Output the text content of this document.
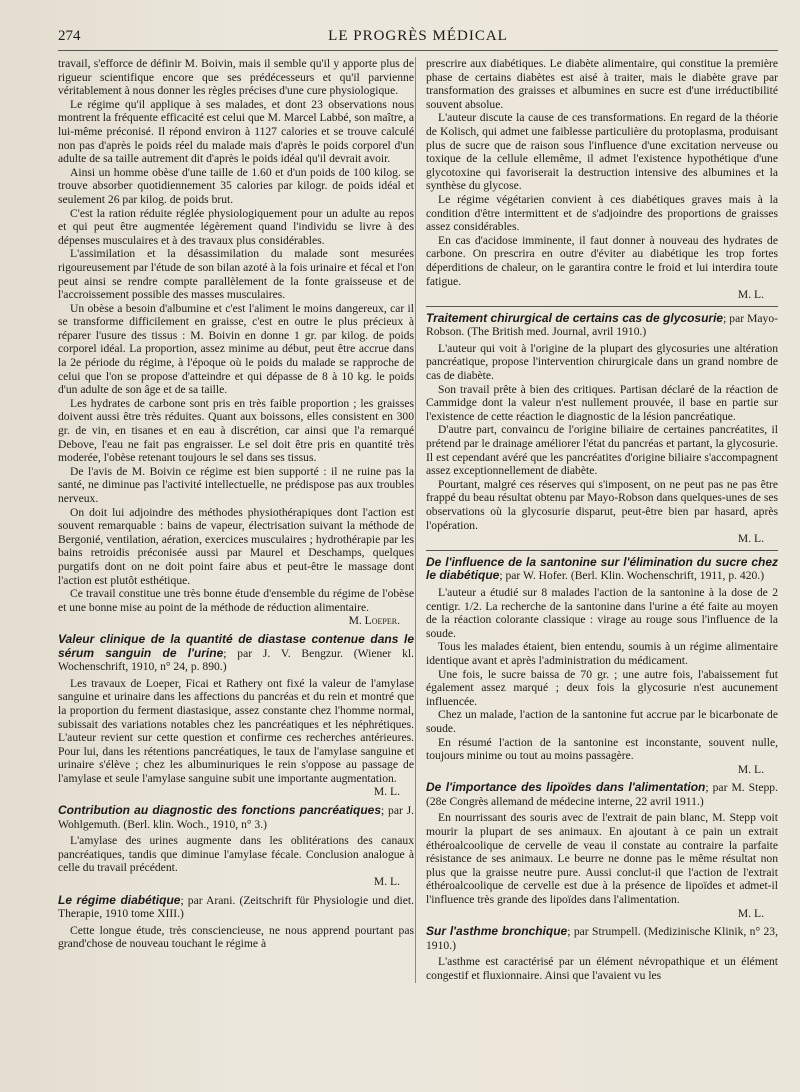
274	LE PROGRÈS MÉDICAL

travail, s'efforce de définir M. Boivin, mais il semble qu'il y apporte plus de rigueur scientifique encore que ses prédécesseurs et qu'il parvienne véritablement à nous donner les règles précises d'une cure physiologique.

Le régime qu'il applique à ses malades, et dont 23 observations nous montrent la fréquente efficacité est celui que M. Marcel Labbé, son maître, a lui-même préconisé. Il répond environ à 1127 calories et se trouve calculé non pas d'après le poids réel du malade mais d'après le poids corporel d'un adulte de sa taille autrement dit d'après le poids idéal qu'il devrait avoir.

Ainsi un homme obèse d'une taille de 1.60 et d'un poids de 100 kilog. se trouve absorber quotidiennement 35 calories par kilogr. de poids idéal et seulement 26 par kilog. de poids brut.

C'est la ration réduite réglée physiologiquement pour un adulte au repos et qui peut être augmentée légèrement quand l'individu se livre à des dépenses musculaires et à des travaux plus considérables.

L'assimilation et la désassimilation du malade sont mesurées rigoureusement par l'étude de son bilan azoté à la fois urinaire et fécal et l'on peut ainsi se rendre compte parallèlement de la fonte graisseuse et de l'accroissement possible des masses musculaires.

Un obèse a besoin d'albumine et c'est l'aliment le moins dangereux, car il se transforme difficilement en graisse, c'est en outre le plus précieux à réparer l'usure des tissus : M. Boivin en donne 1 gr. par kilog. de poids corporel idéal. La proportion, assez minime au début, peut être accrue dans la 2e période du régime, à l'époque où le poids du malade se rapproche de celui que l'on se propose d'atteindre et qui dépasse de 8 à 10 kg. le poids d'un adulte de son âge et de sa taille.

Les hydrates de carbone sont pris en très faible proportion ; les graisses doivent aussi être très réduites. Quant aux boissons, elles consistent en 300 gr. de vin, en tisanes et en eau à discrétion, car ainsi que l'a remarqué Debove, l'eau ne fait pas engraisser. Le sel doit être pris en quantité très moderée, l'obèse retenant toujours le sel dans ses tissus.

De l'avis de M. Boivin ce régime est bien supporté : il ne ruine pas la santé, ne diminue pas l'activité intellectuelle, ne prédispose pas aux troubles nerveux.

On doit lui adjoindre des méthodes physiothérapiques dont l'action est souvent remarquable : bains de vapeur, électrisation suivant la méthode de Bergonié, ventilation, aération, exercices musculaires ; hydrothérapie par les bains retroidis préconisée aussi par Maurel et Deschamps, quelques purgatifs dont on ne doit point faire abus et peut-être le massage dont l'action est plutôt esthétique.

Ce travail constitue une très bonne étude d'ensemble du régime de l'obèse et une bonne mise au point de la méthode de réduction alimentaire.

M. Loeper.

Valeur clinique de la quantité de diastase contenue dans le sérum sanguin de l'urine; par J. V. Bengzur. (Wiener kl. Wochenschrift, 1910, n° 24, p. 890.)

Les travaux de Loeper, Ficai et Rathery ont fixé la valeur de l'amylase sanguine et urinaire dans les affections du pancréas et du rein et montré que la proportion du ferment diastasique, assez constante chez l'homme normal, subissait des variations notables chez les pancréatiques et les néphrétiques. L'auteur revient sur cette question et confirme ces recherches antérieures. Pour lui, dans les rétentions pancréatiques, le taux de l'amylase sanguine et urinaire s'élève ; chez les albuminuriques le rein s'oppose au passage de l'amylase et seule l'amylase sanguine subit une importante augmentation.

M. L.

Contribution au diagnostic des fonctions pancréatiques; par J. Wohlgemuth. (Berl. klin. Woch., 1910, n° 3.)

L'amylase des urines augmente dans les oblitérations des canaux pancréatiques, tandis que diminue l'amylase fécale. Conclusion analogue à celle du travail précédent.

M. L.

Le régime diabétique; par Arani. (Zeitschrift für Physiologie und diet. Therapie, 1910 tome XIII.)

Cette longue étude, très consciencieuse, ne nous apprend pourtant pas grand'chose de nouveau touchant le régime à

prescrire aux diabétiques. Le diabète alimentaire, qui constitue la première phase de certains diabètes est aisé à traiter, mais le diabète grave par transformation des graisses et albumines en sucre est d'une irréductibilité souvent absolue.

L'auteur discute la cause de ces transformations. En regard de la théorie de Kolisch, qui admet une faiblesse particulière du protoplasma, produisant plus de sucre que de raison sous l'influence d'une excitation nerveuse ou toxique de la cellule ellemême, il admet l'existence hypothétique d'une glycotoxine qui favoriserait la destruction intensive des albumines et la synthèse du glycose.

Le régime végétarien convient à ces diabétiques graves mais à la condition d'être intermittent et de s'adjoindre des proportions de graisses assez considérables.

En cas d'acidose imminente, il faut donner à nouveau des hydrates de carbone. On prescrira en outre d'éviter au diabétique les trop fortes déperditions de chaleur, on le garantira contre le froid et lui interdira toute fatigue.

M. L.

Traitement chirurgical de certains cas de glycosurie; par Mayo-Robson. (The British med. Journal, avril 1910.)

L'auteur qui voit à l'origine de la plupart des glycosuries une altération pancréatique, propose l'intervention chirurgicale dans un grand nombre de cas de diabète.

Son travail prête à bien des critiques. Partisan déclaré de la réaction de Cammidge dont la valeur n'est nullement prouvée, il base en partie sur l'existence de cette réaction le diagnostic de la lésion pancréatique.

D'autre part, convaincu de l'origine biliaire de certaines pancréatites, il prétend par le drainage améliorer l'état du pancréas et partant, la glycosurie. Il est cependant avéré que les pancréatites d'origine biliaire s'accompagnent assez exceptionnellement de diabète.

Pourtant, malgré ces réserves qui s'imposent, on ne peut pas ne pas être frappé du beau résultat obtenu par Mayo-Robson dans quelques-unes de ses observations où la glycosurie disparut, peut-être bien par hasard, après l'opération.

M. L.

De l'influence de la santonine sur l'élimination du sucre chez le diabétique; par W. Hofer. (Berl. Klin. Wochenschrift, 1911, p. 420.)

L'auteur a étudié sur 8 malades l'action de la santonine à la dose de 2 centigr. 1/2. La recherche de la santonine dans l'urine a été faite au moyen de la réaction colorante classique : virage au rouge sous l'influence de la soude.

Tous les malades étaient, bien entendu, soumis à un régime alimentaire identique avant et après l'administration du médicament.

Une fois, le sucre baissa de 70 gr. ; une autre fois, l'abaissement fut également assez marqué ; deux fois la glycosurie n'est aucunement influencée.

Chez un malade, l'action de la santonine fut accrue par le bicarbonate de soude.

En résumé l'action de la santonine est inconstante, souvent nulle, toujours minime ou tout au moins passagère.

M. L.

De l'importance des lipoïdes dans l'alimentation; par M. Stepp. (28e Congrès allemand de médecine interne, 22 avril 1911.)

En nourrissant des souris avec de l'extrait de pain blanc, M. Stepp voit mourir la plupart de ses animaux. En ajoutant à ce pain un extrait éthéroalcoolique de cervelle de veau il constate au contraire la parfaite résistance de ses animaux. Le beurre ne donne pas le même résultat non plus que la graisse neutre pure. Aussi conclut-il que l'action de l'extrait éthéroalcoolique de cervelle est due à la présence de lipoïdes et admet-il l'influence très grande des lipoïdes dans l'alimentation.

M. L.

Sur l'asthme bronchique; par Strumpell. (Medizinische Klinik, n° 23, 1910.)

L'asthme est caractérisé par un élément névropathique et un élément congestif et fluxionnaire. Ainsi que l'avaient vu les
